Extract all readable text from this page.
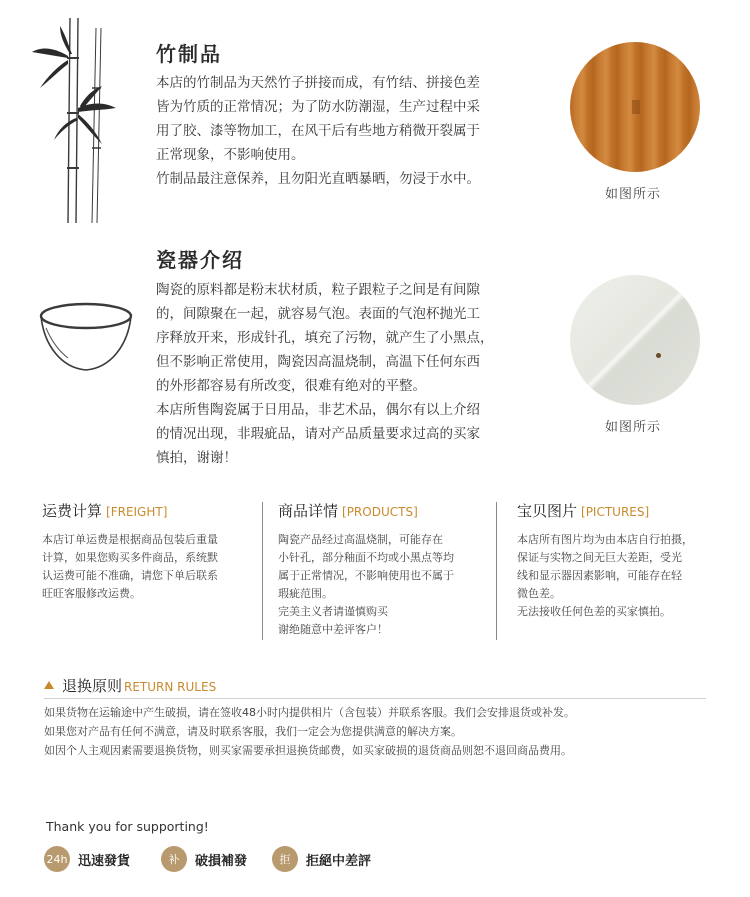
竹制品

本店的竹制品为天然竹子拼接而成，有竹结、拼接色差

皆为竹质的正常情况；为了防水防潮湿，生产过程中采

用了胶、漆等物加工，在风干后有些地方稍微开裂属于

正常现象，不影响使用。

竹制品最注意保养，且勿阳光直晒暴晒，勿浸于水中。

如图所示
瓷器介绍

陶瓷的原料都是粉末状材质，粒子跟粒子之间是有间隙

的，间隙聚在一起，就容易气泡。表面的气泡杯抛光工

序释放开来，形成针孔，填充了污物，就产生了小黑点，

但不影响正常使用，陶瓷因高温烧制，高温下任何东西

的外形都容易有所改变，很难有绝对的平整。

本店所售陶瓷属于日用品，非艺术品，偶尔有以上介绍

的情况出现，非瑕疵品，请对产品质量要求过高的买家

慎拍，谢谢！

如图所示
运费计算 [FREIGHT]

本店订单运费是根据商品包装后重量

计算，如果您购买多件商品，系统默

认运费可能不准确，请您下单后联系

旺旺客服修改运费。

商品详情 [PRODUCTS]

陶瓷产品经过高温烧制，可能存在

小针孔，部分釉面不均或小黑点等均

属于正常情况，不影响使用也不属于

瑕疵范围。

完美主义者请谨慎购买

谢绝随意中差评客户！

宝贝图片 [PICTURES]

本店所有图片均为由本店自行拍摄，

保证与实物之间无巨大差距，受光

线和显示器因素影响，可能存在轻

微色差。

无法接收任何色差的买家慎拍。

退换原则 RETURN RULES

如果货物在运输途中产生破损，请在签收48小时内提供相片（含包装）并联系客服。我们会安排退货或补发。

如果您对产品有任何不满意，请及时联系客服，我们一定会为您提供满意的解决方案。

如因个人主观因素需要退换货物，则买家需要承担退换货邮费，如买家破损的退货商品则恕不退回商品费用。

Thank you for supporting!
24h 迅速發貨	补	破損補發	拒	拒絕中差評
